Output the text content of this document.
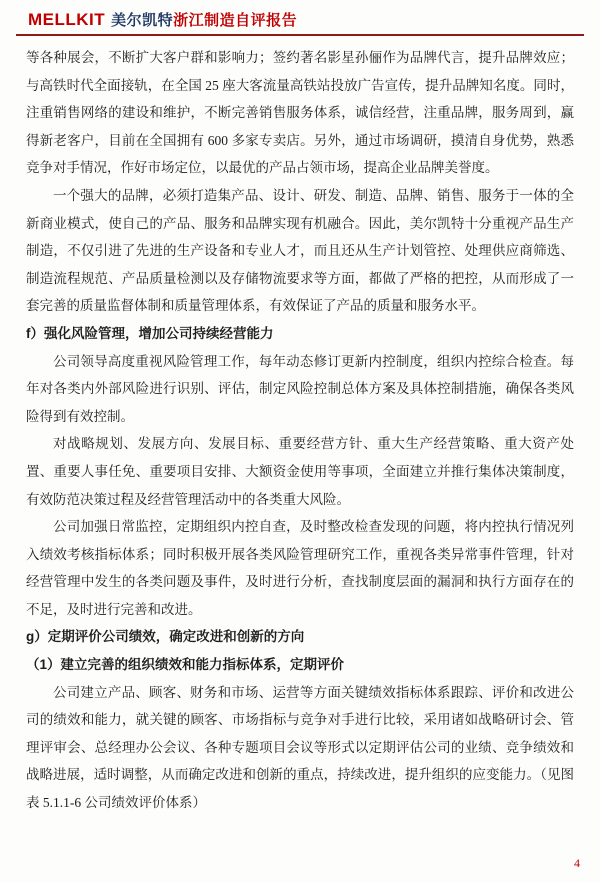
MELLKIT 美尔凯特浙江制造自评报告

等各种展会，不断扩大客户群和影响力；签约著名影星孙俪作为品牌代言，提升品牌效应；与高铁时代全面接轨，在全国 25 座大客流量高铁站投放广告宣传，提升品牌知名度。同时，注重销售网络的建设和维护，不断完善销售服务体系，诚信经营，注重品牌，服务周到，赢得新老客户，目前在全国拥有 600 多家专卖店。另外，通过市场调研，摸清自身优势，熟悉竞争对手情况，作好市场定位，以最优的产品占领市场，提高企业品牌美誉度。

一个强大的品牌，必须打造集产品、设计、研发、制造、品牌、销售、服务于一体的全新商业模式，使自己的产品、服务和品牌实现有机融合。因此，美尔凯特十分重视产品生产制造，不仅引进了先进的生产设备和专业人才，而且还从生产计划管控、处理供应商筛选、制造流程规范、产品质量检测以及存储物流要求等方面，都做了严格的把控，从而形成了一套完善的质量监督体制和质量管理体系，有效保证了产品的质量和服务水平。

f）强化风险管理，增加公司持续经营能力

公司领导高度重视风险管理工作，每年动态修订更新内控制度，组织内控综合检查。每年对各类内外部风险进行识别、评估，制定风险控制总体方案及具体控制措施，确保各类风险得到有效控制。

对战略规划、发展方向、发展目标、重要经营方针、重大生产经营策略、重大资产处置、重要人事任免、重要项目安排、大额资金使用等事项，全面建立并推行集体决策制度，有效防范决策过程及经营管理活动中的各类重大风险。

公司加强日常监控，定期组织内控自查，及时整改检查发现的问题，将内控执行情况列入绩效考核指标体系；同时积极开展各类风险管理研究工作，重视各类异常事件管理，针对经营管理中发生的各类问题及事件，及时进行分析，查找制度层面的漏洞和执行方面存在的不足，及时进行完善和改进。

g）定期评价公司绩效，确定改进和创新的方向
（1）建立完善的组织绩效和能力指标体系，定期评价

公司建立产品、顾客、财务和市场、运营等方面关键绩效指标体系跟踪、评价和改进公司的绩效和能力，就关键的顾客、市场指标与竞争对手进行比较，采用诸如战略研讨会、管理评审会、总经理办公会议、各种专题项目会议等形式以定期评估公司的业绩、竞争绩效和战略进展，适时调整，从而确定改进和创新的重点，持续改进，提升组织的应变能力。（见图表 5.1.1-6 公司绩效评价体系）

4
